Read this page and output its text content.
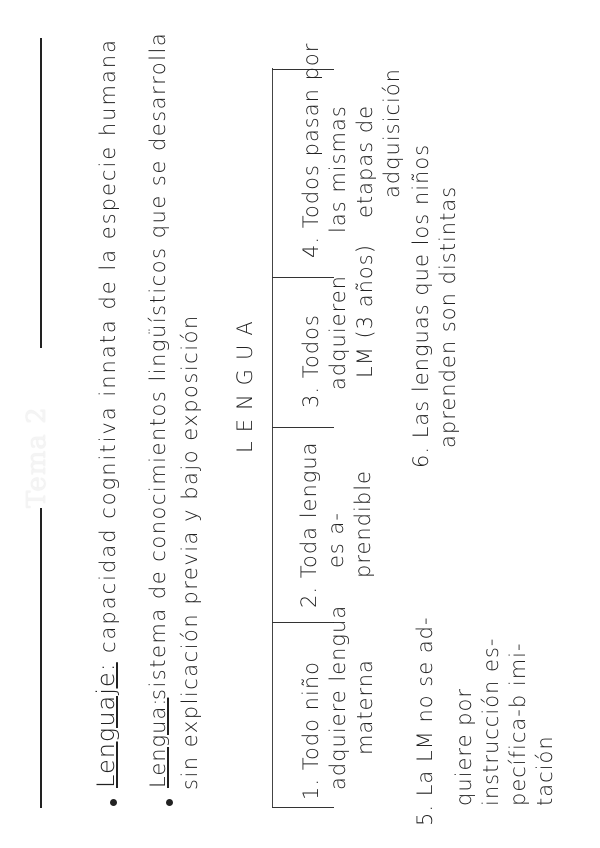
Tema 2
Lenguaje:
capacidad cognitiva innata de la especie humana
Lengua:
sistema de conocimientos lingüísticos que se desarrolla sin explicación previa y bajo exposición LENGUA
1. Todo niño adquiere lengua materna
2. Toda lengua es a- prendible
3. Todos adquieren LM (3 años)
4. Todos pasan por las mismas etapas de adquisición
5. La LM no se ad- quiere por instrucción es- pecífica-b imi- tación
6. Las lenguas que los niños aprenden son distintas
